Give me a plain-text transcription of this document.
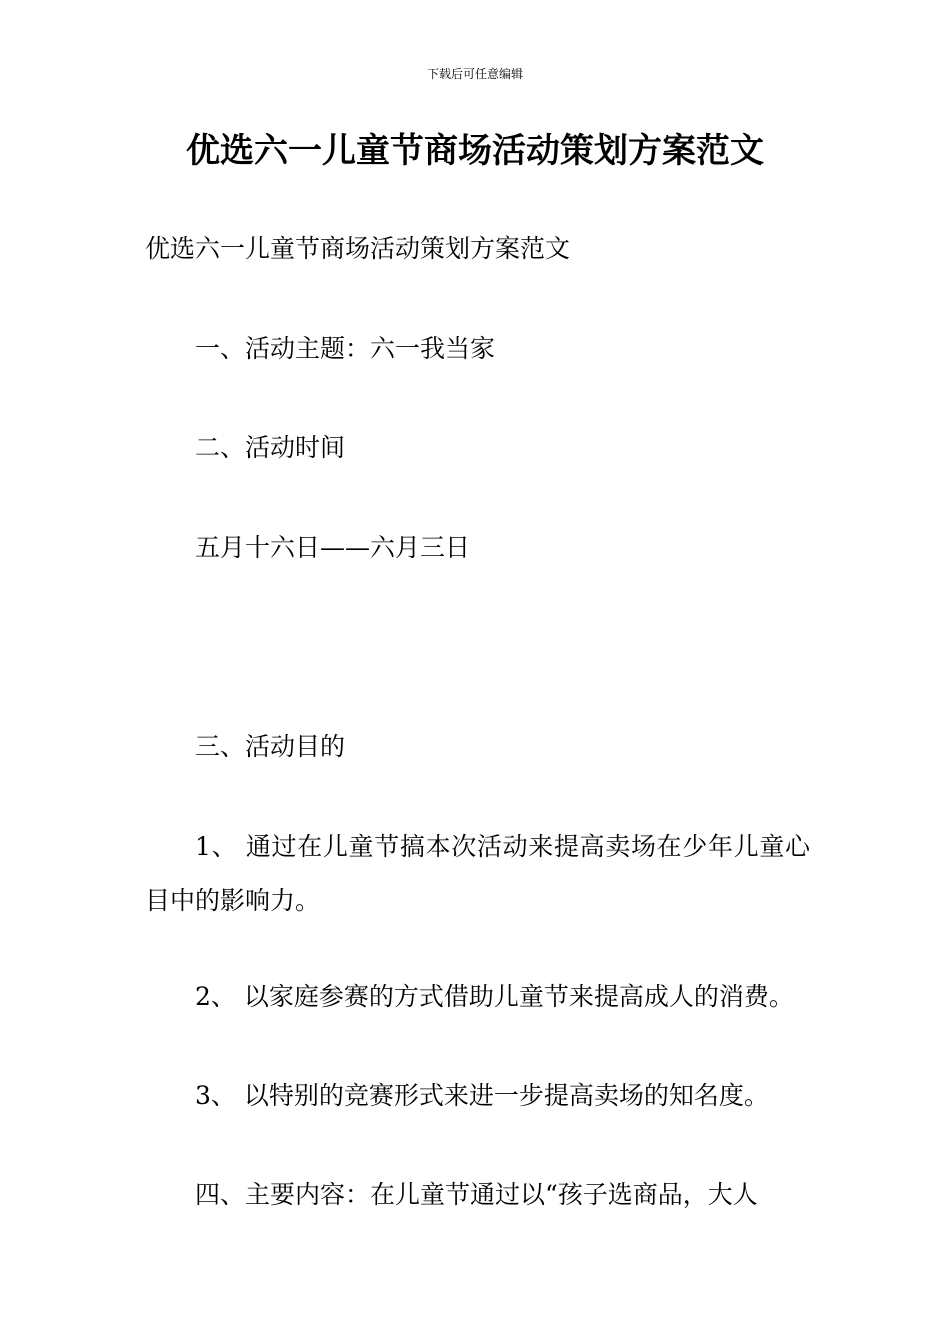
下载后可任意编辑
优选六一儿童节商场活动策划方案范文

优选六一儿童节商场活动策划方案范文

一、活动主题：六一我当家

二、活动时间

五月十六日——六月三日

三、活动目的

1、 通过在儿童节搞本次活动来提高卖场在少年儿童心目中的影响力。

2、 以家庭参赛的方式借助儿童节来提高成人的消费。

3、 以特别的竞赛形式来进一步提高卖场的知名度。

四、主要内容：在儿童节通过以“孩子选商品，大人
